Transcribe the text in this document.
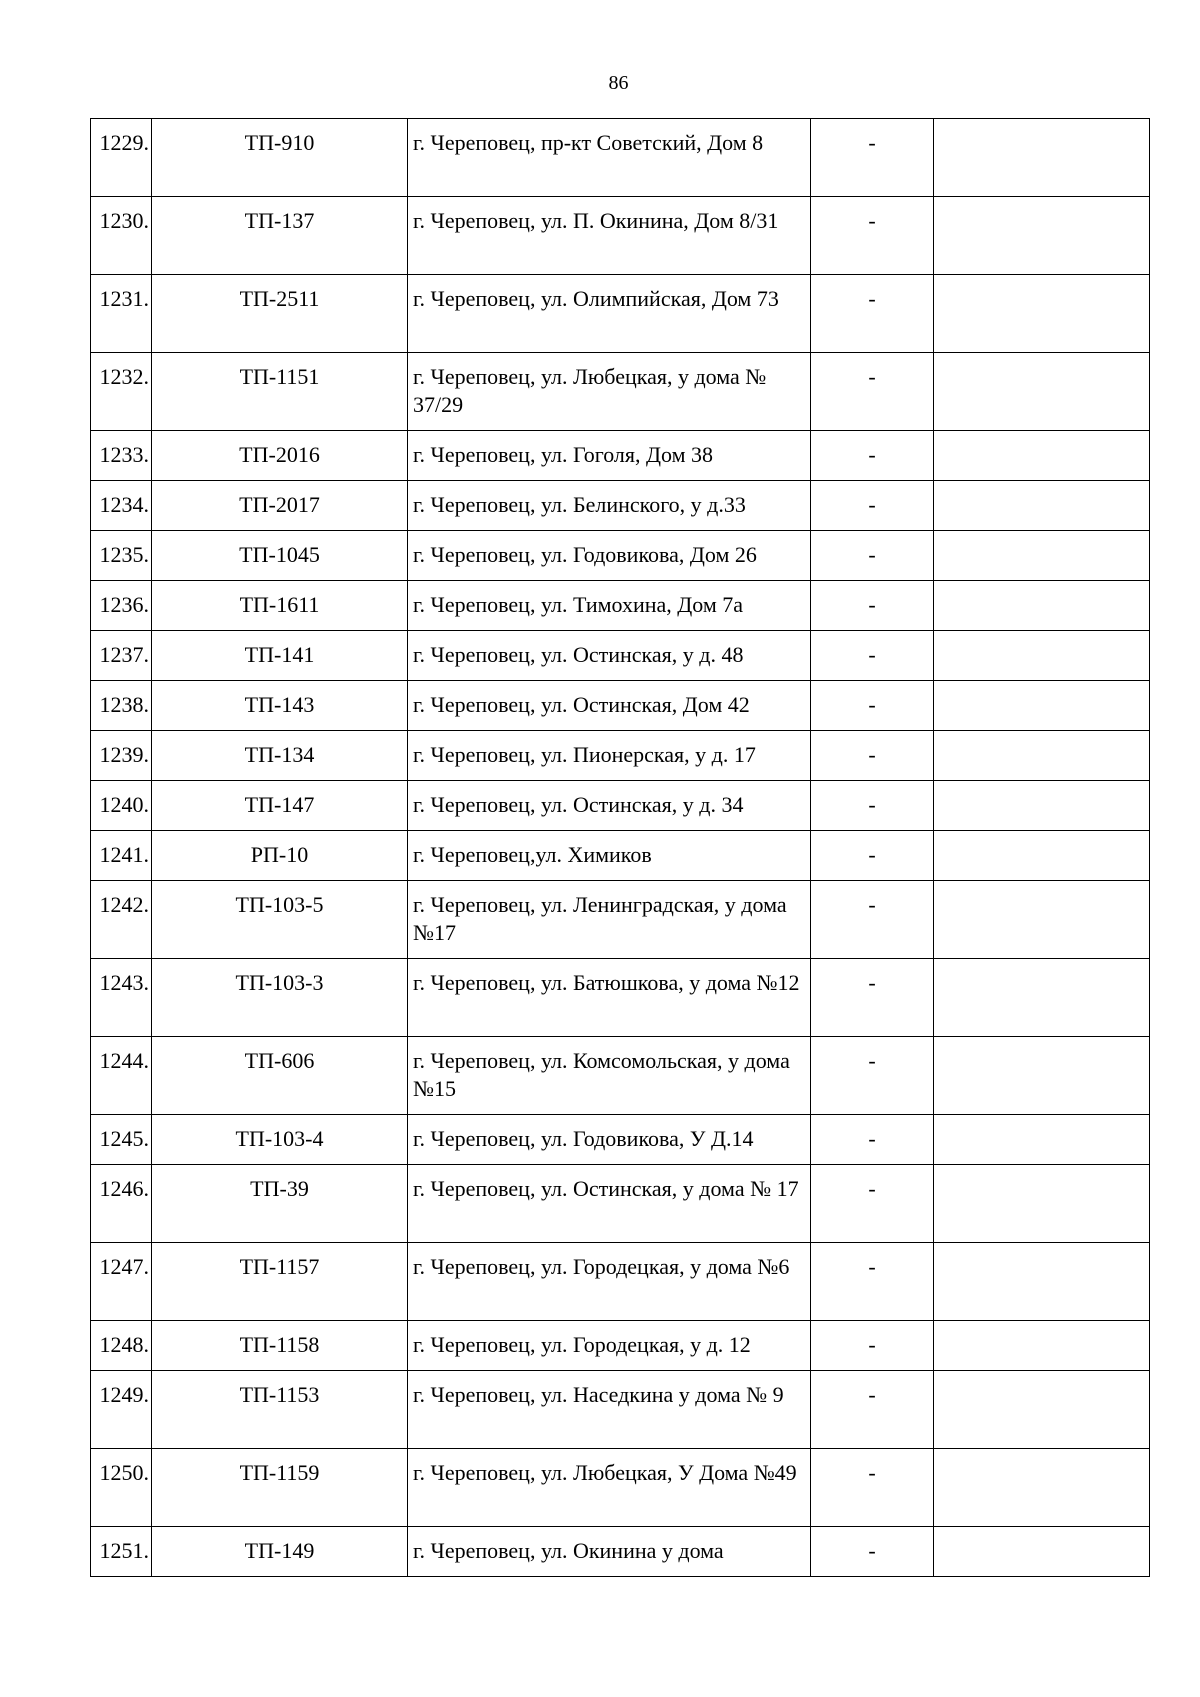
86
1229.	ТП-910	г. Череповец, пр-кт Советский, Дом 8	-	
1230.	ТП-137	г. Череповец, ул. П. Окинина, Дом 8/31	-	
1231.	ТП-2511	г. Череповец, ул. Олимпийская, Дом 73	-	
1232.	ТП-1151	г. Череповец, ул. Любецкая, у дома № 37/29	-	
1233.	ТП-2016	г. Череповец, ул. Гоголя, Дом 38	-	
1234.	ТП-2017	г. Череповец, ул. Белинского, у д.33	-	
1235.	ТП-1045	г. Череповец, ул. Годовикова, Дом 26	-	
1236.	ТП-1611	г. Череповец, ул. Тимохина, Дом 7а	-	
1237.	ТП-141	г. Череповец, ул. Остинская, у д. 48	-	
1238.	ТП-143	г. Череповец, ул. Остинская, Дом 42	-	
1239.	ТП-134	г. Череповец, ул. Пионерская, у д. 17	-	
1240.	ТП-147	г. Череповец, ул. Остинская, у д. 34	-	
1241.	РП-10	г. Череповец,ул. Химиков	-	
1242.	ТП-103-5	г. Череповец, ул. Ленинградская, у дома №17	-	
1243.	ТП-103-3	г. Череповец, ул. Батюшкова, у дома №12	-	
1244.	ТП-606	г. Череповец, ул. Комсомольская, у дома №15	-	
1245.	ТП-103-4	г. Череповец, ул. Годовикова, У Д.14	-	
1246.	ТП-39	г. Череповец, ул. Остинская, у дома № 17	-	
1247.	ТП-1157	г. Череповец, ул. Городецкая, у дома №6	-	
1248.	ТП-1158	г. Череповец, ул. Городецкая, у д. 12	-	
1249.	ТП-1153	г. Череповец, ул. Наседкина у дома № 9	-	
1250.	ТП-1159	г. Череповец, ул. Любецкая, У Дома №49	-	
1251.	ТП-149	г. Череповец, ул. Окинина у дома	-	
